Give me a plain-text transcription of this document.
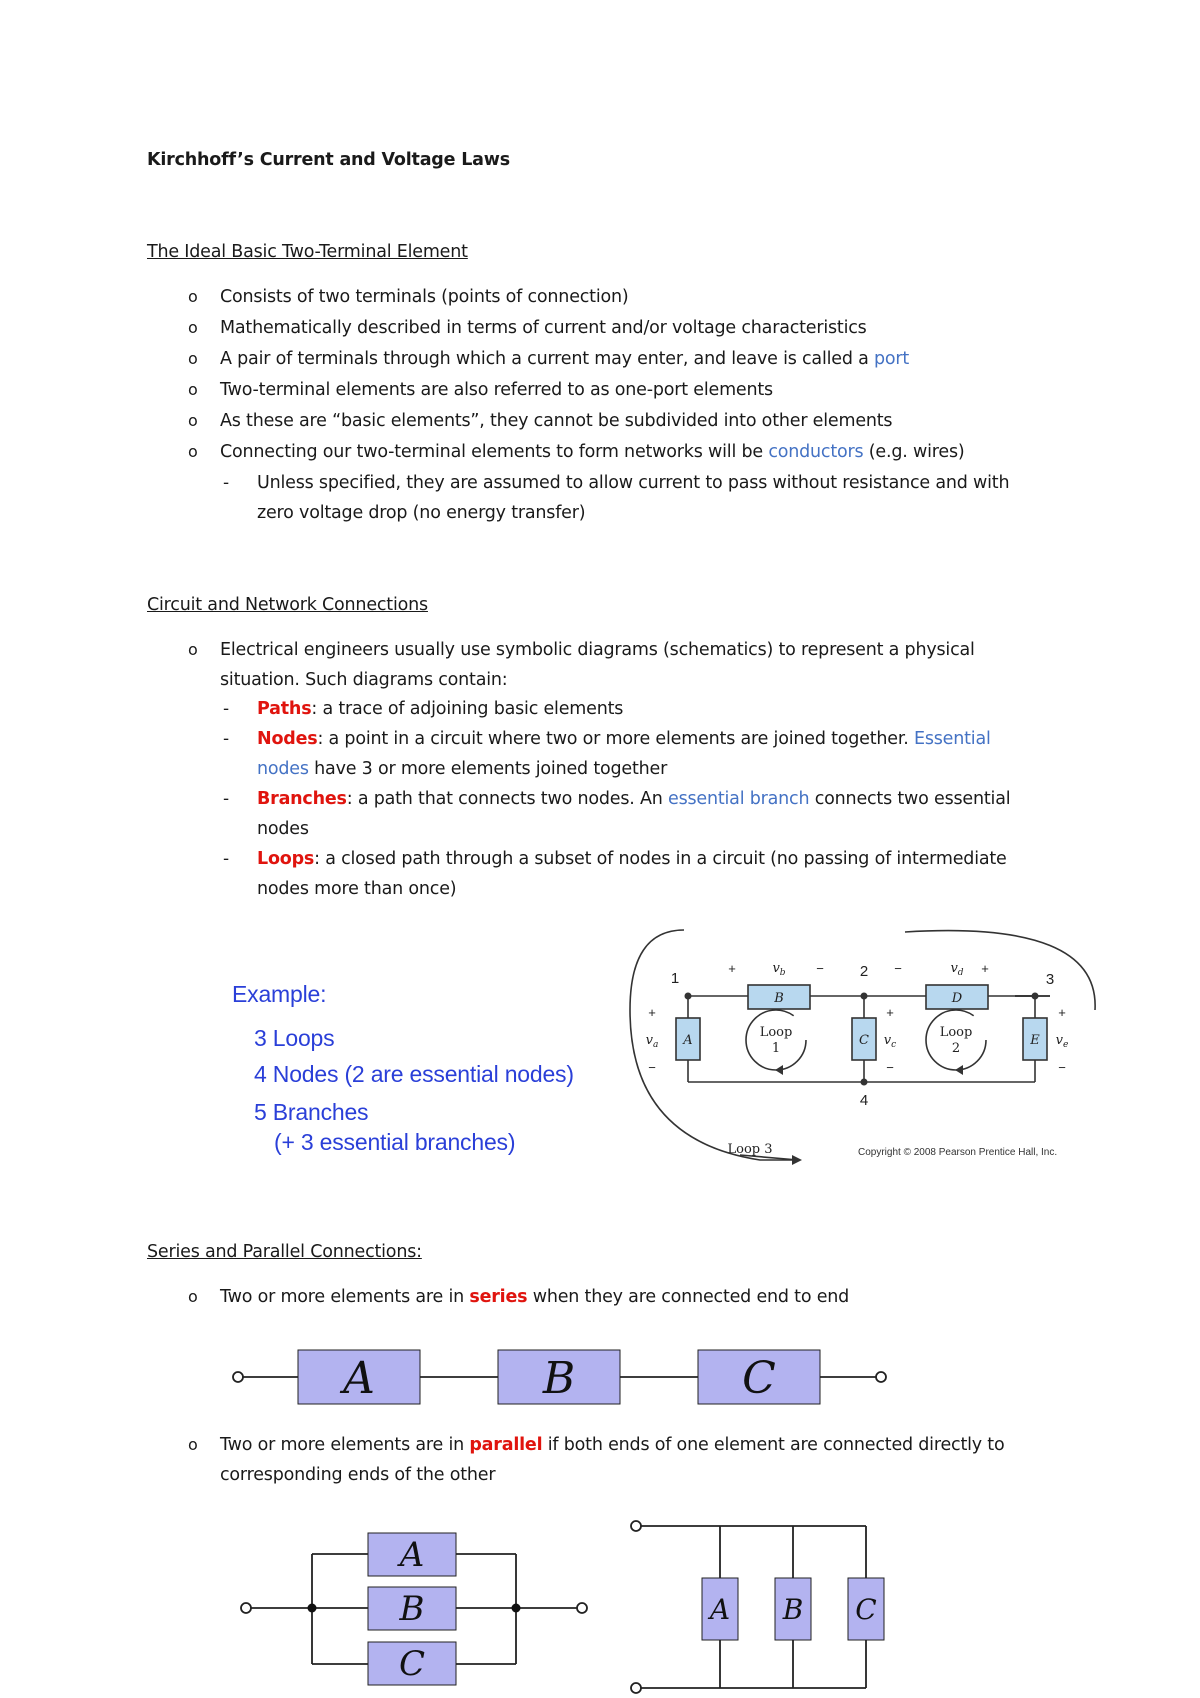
Kirchhoff’s Current and Voltage Laws
The Ideal Basic Two-Terminal Element
o Consists of two terminals (points of connection)
o Mathematically described in terms of current and/or voltage characteristics
o A pair of terminals through which a current may enter, and leave is called a port
o Two-terminal elements are also referred to as one-port elements
o As these are “basic elements”, they cannot be subdivided into other elements
o Connecting our two-terminal elements to form networks will be conductors (e.g. wires)
- Unless specified, they are assumed to allow current to pass without resistance and with
zero voltage drop (no energy transfer)
Circuit and Network Connections
o Electrical engineers usually use symbolic diagrams (schematics) to represent a physical
situation. Such diagrams contain:
- Paths: a trace of adjoining basic elements
- Nodes: a point in a circuit where two or more elements are joined together. Essential
nodes have 3 or more elements joined together
- Branches: a path that connects two nodes. An essential branch connects two essential
nodes
- Loops: a closed path through a subset of nodes in a circuit (no passing of intermediate
nodes more than once)
Example:
3 Loops
4 Nodes (2 are essential nodes)
5 Branches
(+ 3 essential branches)
B	D
A	C	E
Loop
1
Loop
2
Loop 3
1	2	3
4
$v_a$
$v_b$
$v_c$
$v_d$
$v_e$
+	−	−	+
+
−
+
−
+
−
Copyright © 2008 Pearson Prentice Hall, Inc.
Series and Parallel Connections:
o Two or more elements are in series when they are connected end to end
A	B	C
o Two or more elements are in parallel if both ends of one element are connected directly to
corresponding ends of the other
A
B
C
A B C
